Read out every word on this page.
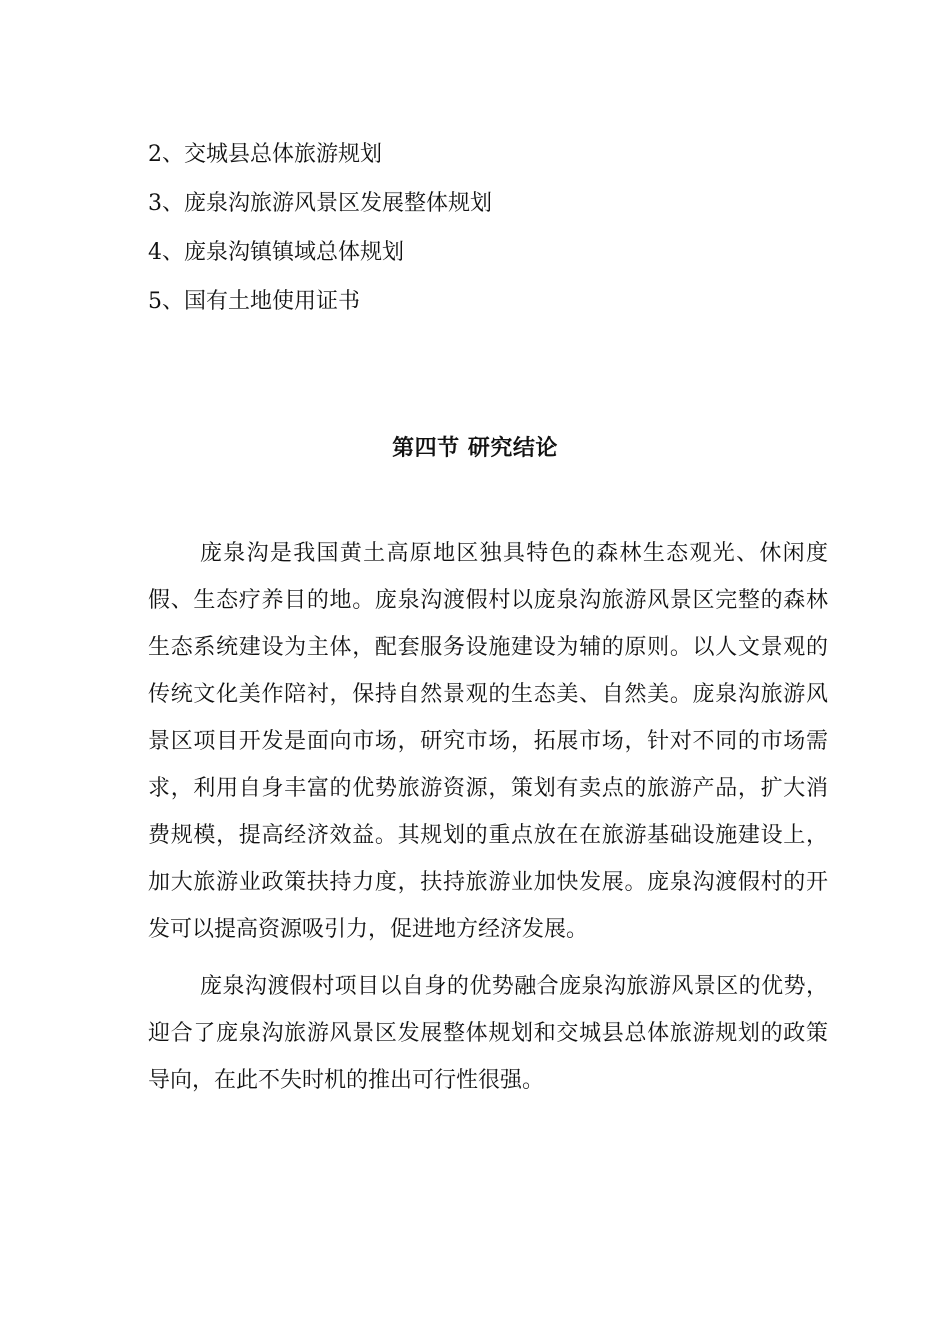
2、交城县总体旅游规划
3、庞泉沟旅游风景区发展整体规划
4、庞泉沟镇镇域总体规划
5、国有土地使用证书
第四节 研究结论

庞泉沟是我国黄土高原地区独具特色的森林生态观光、休闲度假、生态疗养目的地。庞泉沟渡假村以庞泉沟旅游风景区完整的森林生态系统建设为主体，配套服务设施建设为辅的原则。以人文景观的传统文化美作陪衬，保持自然景观的生态美、自然美。庞泉沟旅游风景区项目开发是面向市场，研究市场，拓展市场，针对不同的市场需求，利用自身丰富的优势旅游资源，策划有卖点的旅游产品，扩大消费规模，提高经济效益。其规划的重点放在在旅游基础设施建设上，加大旅游业政策扶持力度，扶持旅游业加快发展。庞泉沟渡假村的开发可以提高资源吸引力，促进地方经济发展。

庞泉沟渡假村项目以自身的优势融合庞泉沟旅游风景区的优势，迎合了庞泉沟旅游风景区发展整体规划和交城县总体旅游规划的政策导向，在此不失时机的推出可行性很强。
